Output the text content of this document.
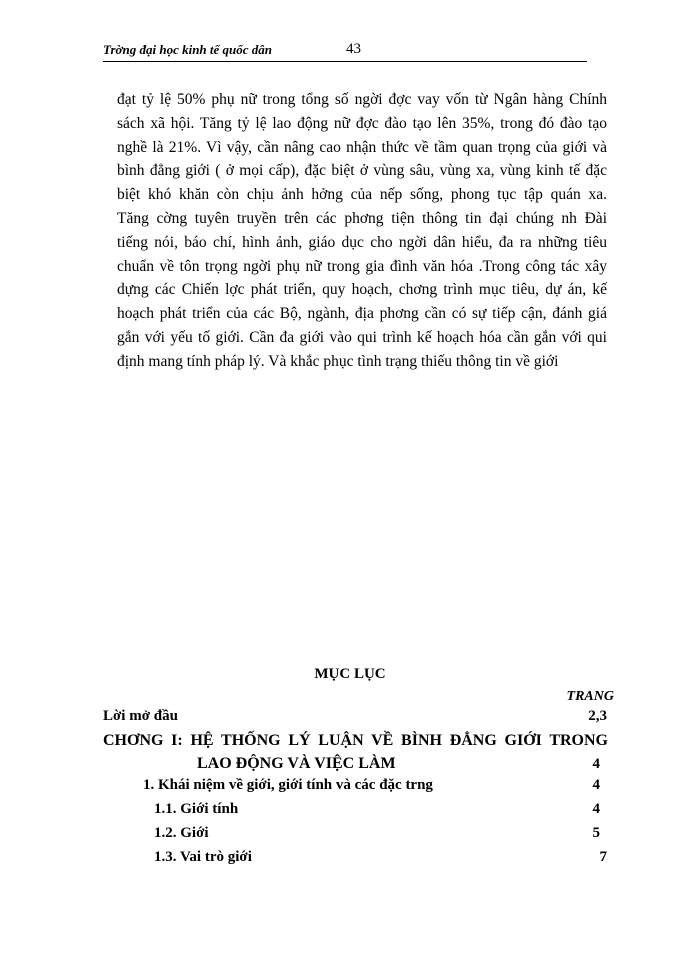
Trờng đại học kinh tế quốc dân	43
đạt tỷ lệ 50% phụ nữ trong tổng số ngời đợc vay vốn từ Ngân hàng Chính
sách xã hội. Tăng tỷ lệ lao động nữ đợc đào tạo lên 35%, trong đó đào tạo
nghề là 21%. Vì vậy, cần nâng cao nhận thức về tầm quan trọng của giới và
bình đẳng giới ( ở mọi cấp), đặc biệt ở vùng sâu, vùng xa, vùng kinh tế đặc
biệt khó khăn còn chịu ảnh hởng của nếp sống, phong tục tập quán xa.
Tăng cờng tuyên truyền trên các phơng tiện thông tin đại chúng nh Đài
tiếng nói, báo chí, hình ảnh, giáo dục cho ngời dân hiểu, đa ra những tiêu
chuẩn về tôn trọng ngời phụ nữ trong gia đình văn hóa .Trong công tác xây
dựng các Chiến lợc phát triển, quy hoạch, chơng trình mục tiêu, dự án, kế
hoạch phát triển của các Bộ, ngành, địa phơng cần có sự tiếp cận, đánh giá
gắn với yếu tố giới. Cần đa giới vào qui trình kế hoạch hóa cần gắn với qui
định mang tính pháp lý. Và khắc phục tình trạng thiếu thông tin về giới
MỤC LỤC
TRANG
Lời mở đầu	2,3
CHƠNG I: HỆ THỐNG LÝ LUẬN VỀ BÌNH ĐẲNG GIỚI TRONG
LAO ĐỘNG VÀ VIỆC LÀM	4
1. Khái niệm về giới, giới tính và các đặc trng	4
1.1. Giới tính	4
1.2. Giới	5
1.3. Vai trò giới	7
